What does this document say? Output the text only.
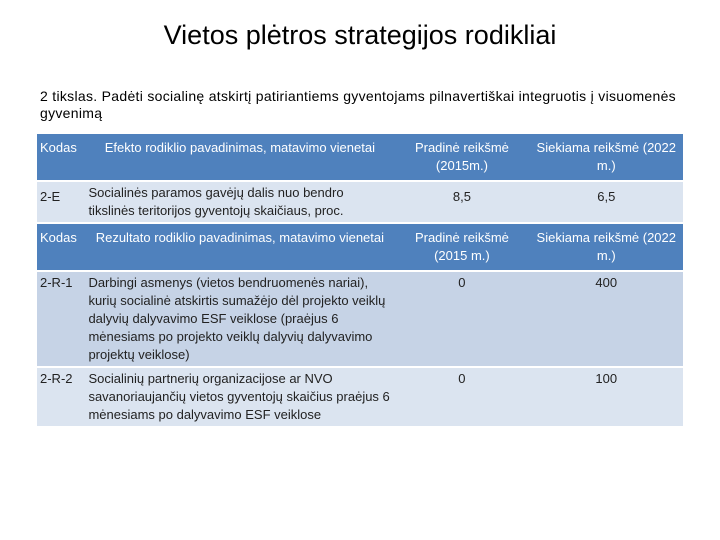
Vietos plėtros strategijos rodikliai
2 tikslas. Padėti socialinę atskirtį patiriantiems gyventojams pilnavertiškai integruotis į visuomenės gyvenimą
Kodas	Efekto rodiklio pavadinimas, matavimo vienetai	Pradinė reikšmė (2015m.)	Siekiama reikšmė (2022 m.)
2-E	Socialinės paramos gavėjų dalis nuo bendro tikslinės teritorijos gyventojų skaičiaus, proc.	8,5	6,5
Kodas	Rezultato rodiklio pavadinimas, matavimo vienetai	Pradinė reikšmė (2015 m.)	Siekiama reikšmė (2022 m.)
2-R-1	Darbingi asmenys (vietos bendruomenės nariai), kurių socialinė atskirtis sumažėjo dėl projekto veiklų dalyvių dalyvavimo ESF veiklose (praėjus 6 mėnesiams po projekto veiklų dalyvių dalyvavimo projektų veiklose)	0	400
2-R-2	Socialinių partnerių organizacijose ar NVO savanoriaujančių vietos gyventojų skaičius praėjus 6 mėnesiams po dalyvavimo ESF veiklose	0	100
